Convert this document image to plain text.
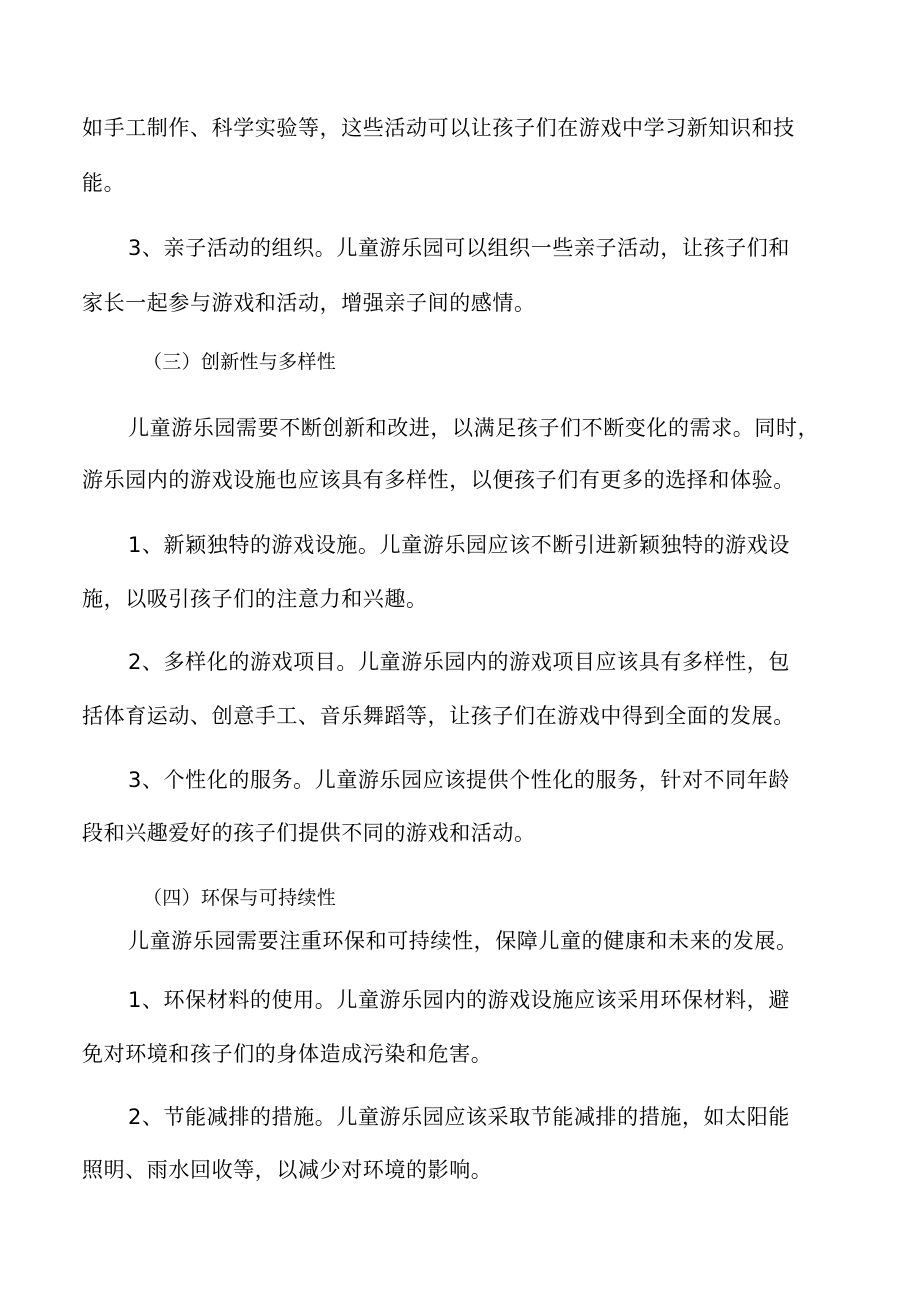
如手工制作、科学实验等，这些活动可以让孩子们在游戏中学习新知识和技
能。
3、亲子活动的组织。儿童游乐园可以组织一些亲子活动，让孩子们和
家长一起参与游戏和活动，增强亲子间的感情。
（三）创新性与多样性
儿童游乐园需要不断创新和改进，以满足孩子们不断变化的需求。同时，
游乐园内的游戏设施也应该具有多样性，以便孩子们有更多的选择和体验。
1、新颖独特的游戏设施。儿童游乐园应该不断引进新颖独特的游戏设
施，以吸引孩子们的注意力和兴趣。
2、多样化的游戏项目。儿童游乐园内的游戏项目应该具有多样性，包
括体育运动、创意手工、音乐舞蹈等，让孩子们在游戏中得到全面的发展。
3、个性化的服务。儿童游乐园应该提供个性化的服务，针对不同年龄
段和兴趣爱好的孩子们提供不同的游戏和活动。
（四）环保与可持续性
儿童游乐园需要注重环保和可持续性，保障儿童的健康和未来的发展。
1、环保材料的使用。儿童游乐园内的游戏设施应该采用环保材料，避
免对环境和孩子们的身体造成污染和危害。
2、节能减排的措施。儿童游乐园应该采取节能减排的措施，如太阳能
照明、雨水回收等，以减少对环境的影响。
